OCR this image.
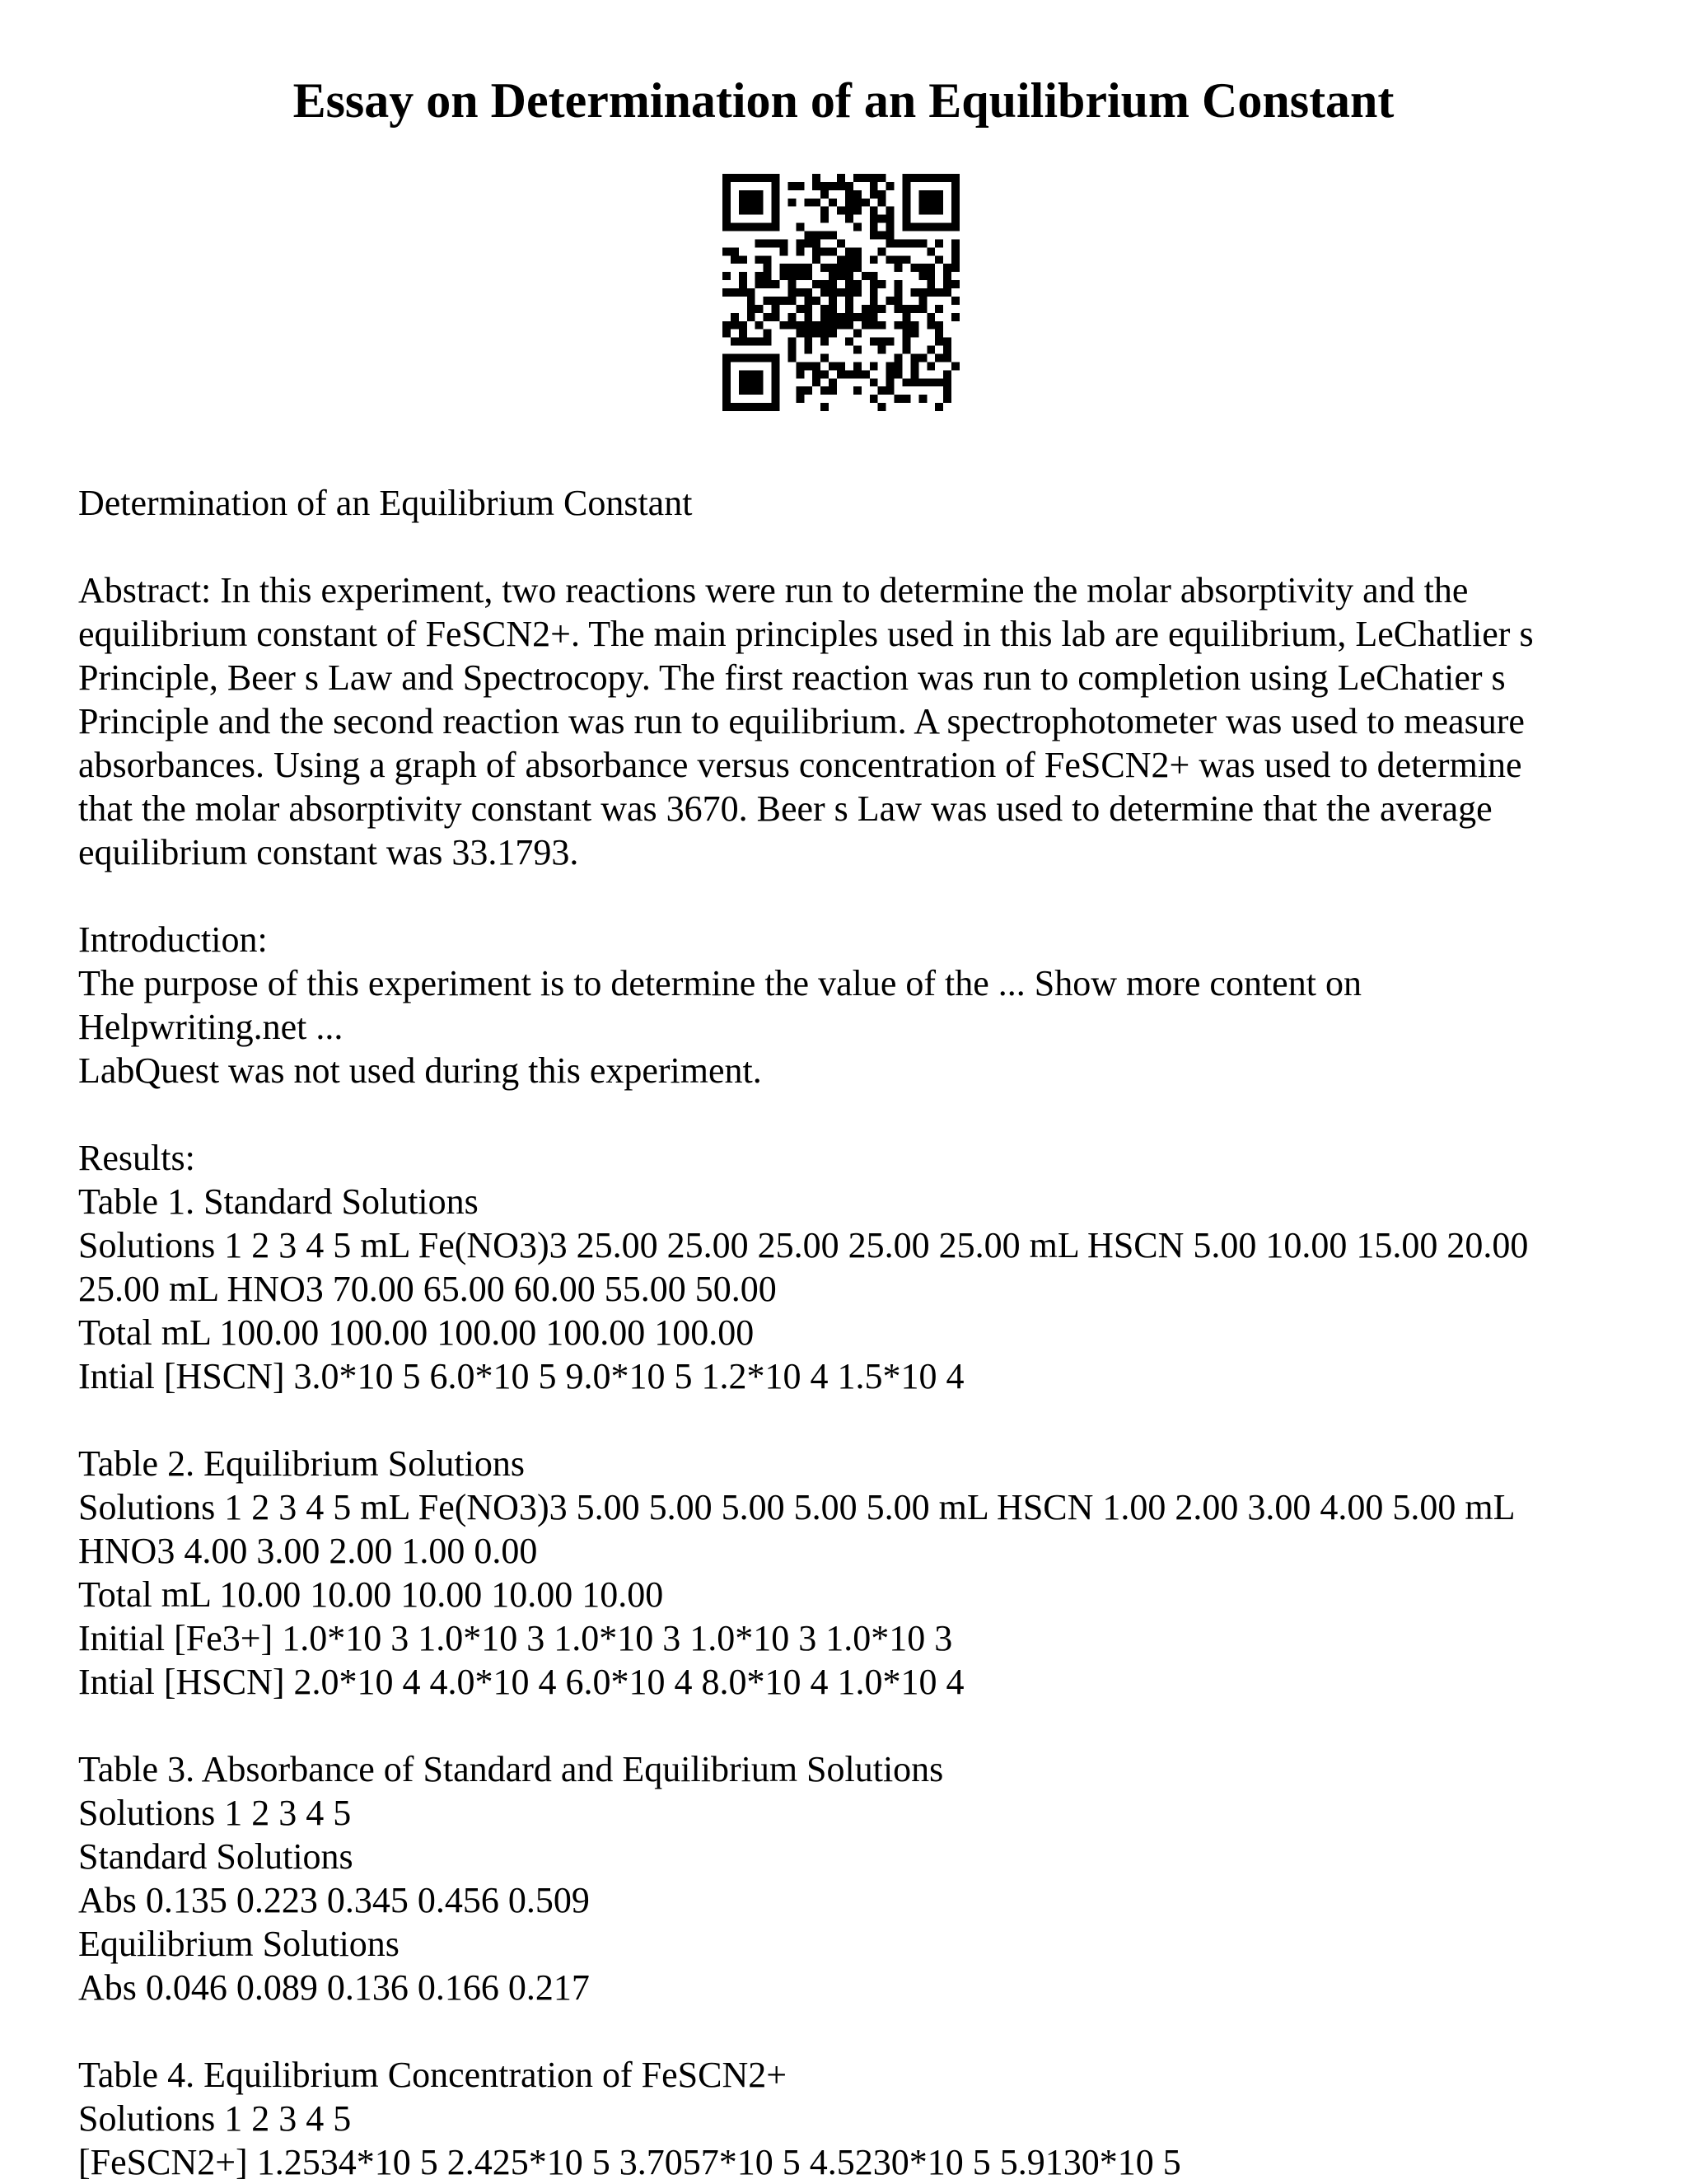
Essay on Determination of an Equilibrium Constant

Determination of an Equilibrium Constant

Abstract: In this experiment, two reactions were run to determine the molar absorptivity and the

equilibrium constant of FeSCN2+. The main principles used in this lab are equilibrium, LeChatlier s

Principle, Beer s Law and Spectrocopy. The first reaction was run to completion using LeChatier s

Principle and the second reaction was run to equilibrium. A spectrophotometer was used to measure

absorbances. Using a graph of absorbance versus concentration of FeSCN2+ was used to determine

that the molar absorptivity constant was 3670. Beer s Law was used to determine that the average

equilibrium constant was 33.1793.

Introduction:

The purpose of this experiment is to determine the value of the ... Show more content on

Helpwriting.net ...

LabQuest was not used during this experiment.

Results:

Table 1. Standard Solutions

Solutions 1 2 3 4 5 mL Fe(NO3)3 25.00 25.00 25.00 25.00 25.00 mL HSCN 5.00 10.00 15.00 20.00

25.00 mL HNO3 70.00 65.00 60.00 55.00 50.00

Total mL 100.00 100.00 100.00 100.00 100.00

Intial [HSCN] 3.0*10 5 6.0*10 5 9.0*10 5 1.2*10 4 1.5*10 4

Table 2. Equilibrium Solutions

Solutions 1 2 3 4 5 mL Fe(NO3)3 5.00 5.00 5.00 5.00 5.00 mL HSCN 1.00 2.00 3.00 4.00 5.00 mL

HNO3 4.00 3.00 2.00 1.00 0.00

Total mL 10.00 10.00 10.00 10.00 10.00

Initial [Fe3+] 1.0*10 3 1.0*10 3 1.0*10 3 1.0*10 3 1.0*10 3

Intial [HSCN] 2.0*10 4 4.0*10 4 6.0*10 4 8.0*10 4 1.0*10 4

Table 3. Absorbance of Standard and Equilibrium Solutions

Solutions 1 2 3 4 5

Standard Solutions

Abs 0.135 0.223 0.345 0.456 0.509

Equilibrium Solutions

Abs 0.046 0.089 0.136 0.166 0.217

Table 4. Equilibrium Concentration of FeSCN2+

Solutions 1 2 3 4 5

[FeSCN2+] 1.2534*10 5 2.425*10 5 3.7057*10 5 4.5230*10 5 5.9130*10 5
